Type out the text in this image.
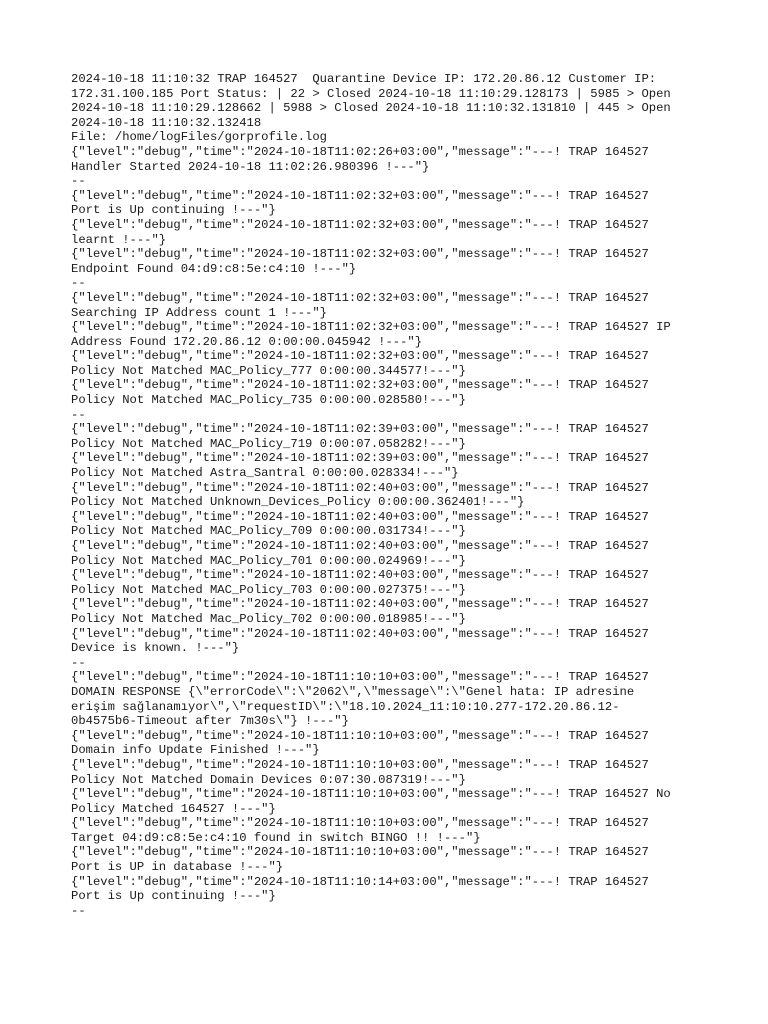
2024-10-18 11:10:32 TRAP 164527  Quarantine Device IP: 172.20.86.12 Customer IP:
172.31.100.185 Port Status: | 22 > Closed 2024-10-18 11:10:29.128173 | 5985 > Open
2024-10-18 11:10:29.128662 | 5988 > Closed 2024-10-18 11:10:32.131810 | 445 > Open
2024-10-18 11:10:32.132418
File: /home/logFiles/gorprofile.log
{"level":"debug","time":"2024-10-18T11:02:26+03:00","message":"---! TRAP 164527
Handler Started 2024-10-18 11:02:26.980396 !---"}
--
{"level":"debug","time":"2024-10-18T11:02:32+03:00","message":"---! TRAP 164527
Port is Up continuing !---"}
{"level":"debug","time":"2024-10-18T11:02:32+03:00","message":"---! TRAP 164527
learnt !---"}
{"level":"debug","time":"2024-10-18T11:02:32+03:00","message":"---! TRAP 164527
Endpoint Found 04:d9:c8:5e:c4:10 !---"}
--
{"level":"debug","time":"2024-10-18T11:02:32+03:00","message":"---! TRAP 164527
Searching IP Address count 1 !---"}
{"level":"debug","time":"2024-10-18T11:02:32+03:00","message":"---! TRAP 164527 IP
Address Found 172.20.86.12 0:00:00.045942 !---"}
{"level":"debug","time":"2024-10-18T11:02:32+03:00","message":"---! TRAP 164527
Policy Not Matched MAC_Policy_777 0:00:00.344577!---"}
{"level":"debug","time":"2024-10-18T11:02:32+03:00","message":"---! TRAP 164527
Policy Not Matched MAC_Policy_735 0:00:00.028580!---"}
--
{"level":"debug","time":"2024-10-18T11:02:39+03:00","message":"---! TRAP 164527
Policy Not Matched MAC_Policy_719 0:00:07.058282!---"}
{"level":"debug","time":"2024-10-18T11:02:39+03:00","message":"---! TRAP 164527
Policy Not Matched Astra_Santral 0:00:00.028334!---"}
{"level":"debug","time":"2024-10-18T11:02:40+03:00","message":"---! TRAP 164527
Policy Not Matched Unknown_Devices_Policy 0:00:00.362401!---"}
{"level":"debug","time":"2024-10-18T11:02:40+03:00","message":"---! TRAP 164527
Policy Not Matched MAC_Policy_709 0:00:00.031734!---"}
{"level":"debug","time":"2024-10-18T11:02:40+03:00","message":"---! TRAP 164527
Policy Not Matched MAC_Policy_701 0:00:00.024969!---"}
{"level":"debug","time":"2024-10-18T11:02:40+03:00","message":"---! TRAP 164527
Policy Not Matched MAC_Policy_703 0:00:00.027375!---"}
{"level":"debug","time":"2024-10-18T11:02:40+03:00","message":"---! TRAP 164527
Policy Not Matched Mac_Policy_702 0:00:00.018985!---"}
{"level":"debug","time":"2024-10-18T11:02:40+03:00","message":"---! TRAP 164527
Device is known. !---"}
--
{"level":"debug","time":"2024-10-18T11:10:10+03:00","message":"---! TRAP 164527
DOMAIN RESPONSE {\"errorCode\":\"2062\",\"message\":\"Genel hata: IP adresine
erişim sağlanamıyor\",\"requestID\":\"18.10.2024_11:10:10.277-172.20.86.12-
0b4575b6-Timeout after 7m30s\"} !---"}
{"level":"debug","time":"2024-10-18T11:10:10+03:00","message":"---! TRAP 164527
Domain info Update Finished !---"}
{"level":"debug","time":"2024-10-18T11:10:10+03:00","message":"---! TRAP 164527
Policy Not Matched Domain Devices 0:07:30.087319!---"}
{"level":"debug","time":"2024-10-18T11:10:10+03:00","message":"---! TRAP 164527 No
Policy Matched 164527 !---"}
{"level":"debug","time":"2024-10-18T11:10:10+03:00","message":"---! TRAP 164527
Target 04:d9:c8:5e:c4:10 found in switch BINGO !! !---"}
{"level":"debug","time":"2024-10-18T11:10:10+03:00","message":"---! TRAP 164527
Port is UP in database !---"}
{"level":"debug","time":"2024-10-18T11:10:14+03:00","message":"---! TRAP 164527
Port is Up continuing !---"}
--
